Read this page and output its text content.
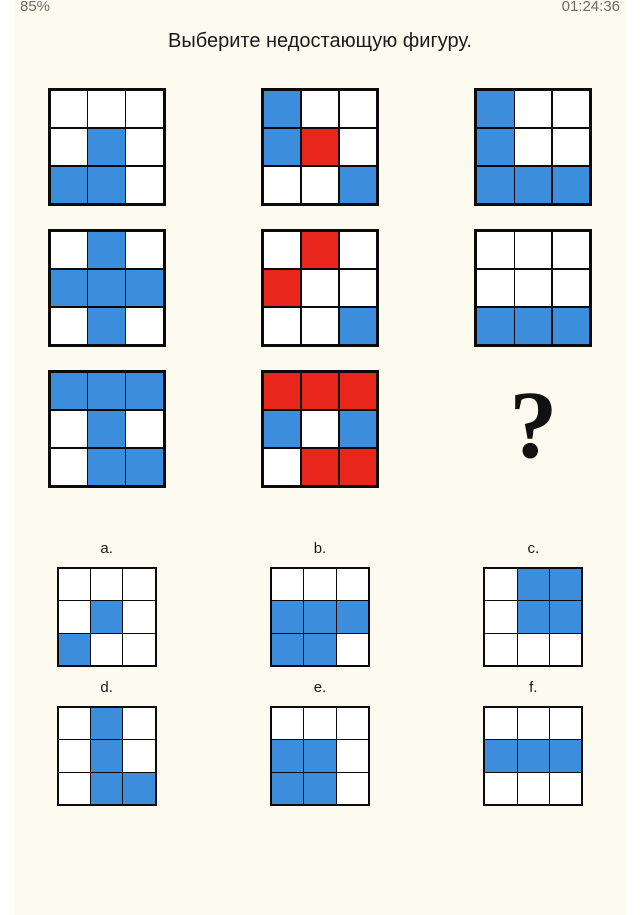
85%	01:24:36
Выберите недостающую фигуру.
?
a.	b.	c.
d.	e.	f.
